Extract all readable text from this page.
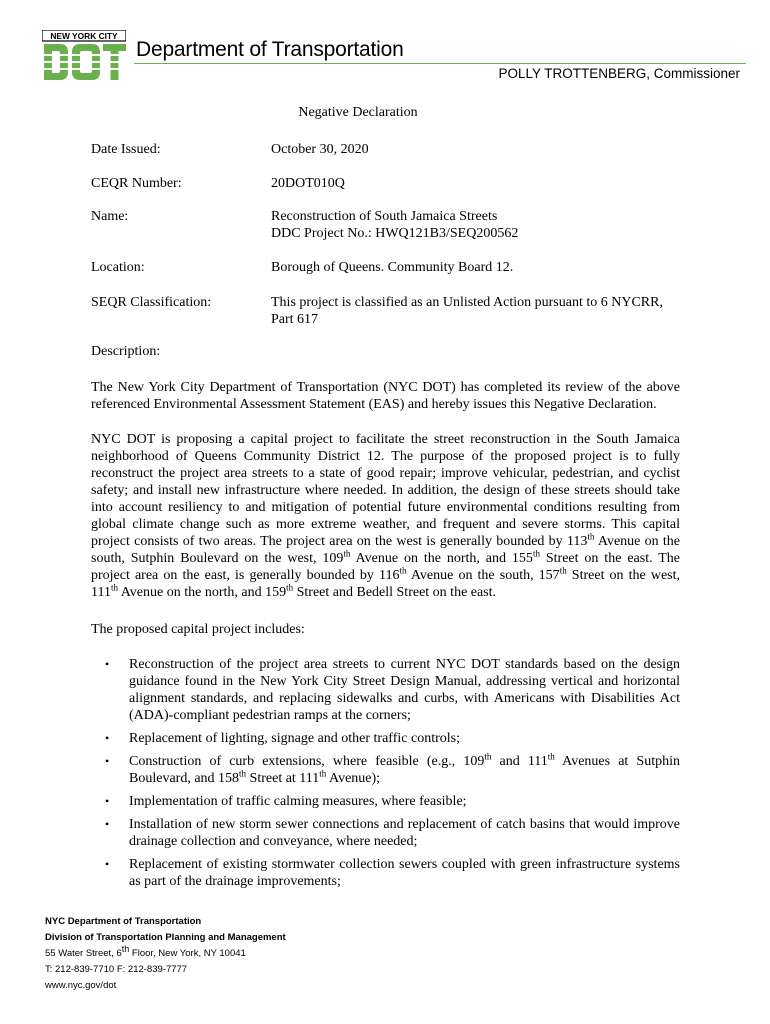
NEW YORK CITY
Department of Transportation
POLLY TROTTENBERG, Commissioner
Negative Declaration
Date Issued:	October 30, 2020
CEQR Number:	20DOT010Q
Name:	Reconstruction of South Jamaica Streets
DDC Project No.: HWQ121B3/SEQ200562
Location:	Borough of Queens. Community Board 12.
SEQR Classification:	This project is classified as an Unlisted Action pursuant to 6 NYCRR, Part 617
Description:
The New York City Department of Transportation (NYC DOT) has completed its review of the above referenced Environmental Assessment Statement (EAS) and hereby issues this Negative Declaration.
NYC DOT is proposing a capital project to facilitate the street reconstruction in the South Jamaica neighborhood of Queens Community District 12. The purpose of the proposed project is to fully reconstruct the project area streets to a state of good repair; improve vehicular, pedestrian, and cyclist safety; and install new infrastructure where needed. In addition, the design of these streets should take into account resiliency to and mitigation of potential future environmental conditions resulting from global climate change such as more extreme weather, and frequent and severe storms. This capital project consists of two areas. The project area on the west is generally bounded by 113th Avenue on the south, Sutphin Boulevard on the west, 109th Avenue on the north, and 155th Street on the east. The project area on the east, is generally bounded by 116th Avenue on the south, 157th Street on the west, 111th Avenue on the north, and 159th Street and Bedell Street on the east.
The proposed capital project includes:
• Reconstruction of the project area streets to current NYC DOT standards based on the design guidance found in the New York City Street Design Manual, addressing vertical and horizontal alignment standards, and replacing sidewalks and curbs, with Americans with Disabilities Act (ADA)-compliant pedestrian ramps at the corners;
• Replacement of lighting, signage and other traffic controls;
• Construction of curb extensions, where feasible (e.g., 109th and 111th Avenues at Sutphin Boulevard, and 158th Street at 111th Avenue);
• Implementation of traffic calming measures, where feasible;
• Installation of new storm sewer connections and replacement of catch basins that would improve drainage collection and conveyance, where needed;
• Replacement of existing stormwater collection sewers coupled with green infrastructure systems as part of the drainage improvements;
NYC Department of Transportation
Division of Transportation Planning and Management
55 Water Street, 6th Floor, New York, NY 10041
T: 212-839-7710 F: 212-839-7777
www.nyc.gov/dot
